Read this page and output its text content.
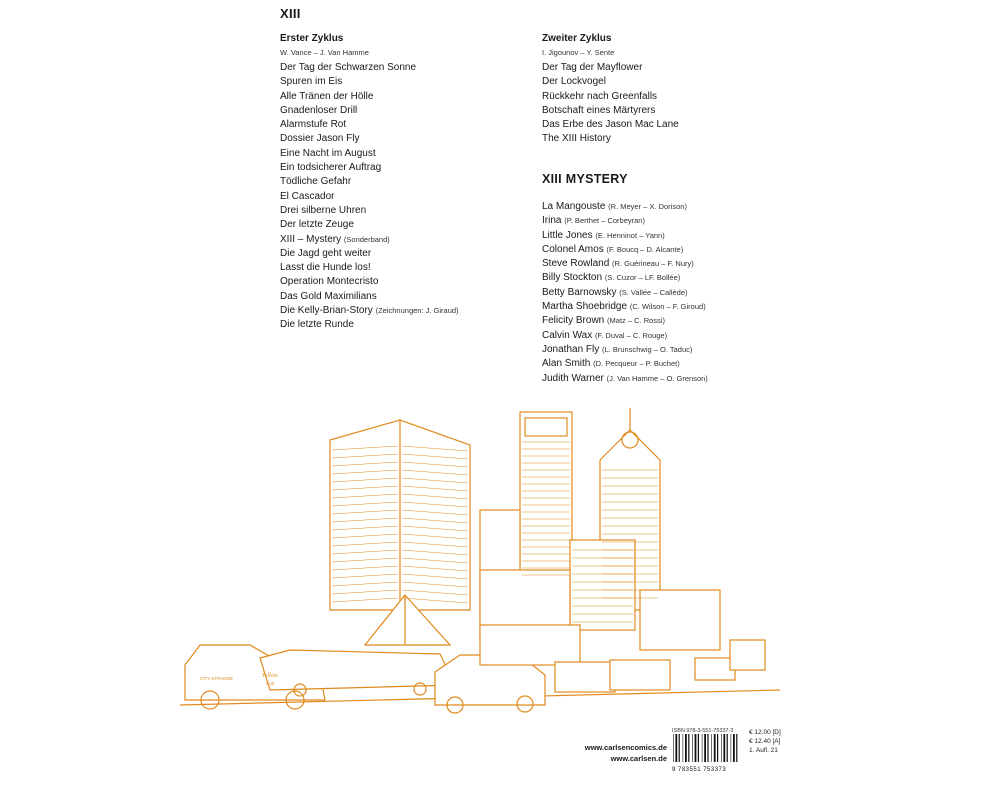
XIII
Erster Zyklus
W. Vance – J. Van Hamme
Der Tag der Schwarzen Sonne
Spuren im Eis
Alle Tränen der Hölle
Gnadenloser Drill
Alarmstufe Rot
Dossier Jason Fly
Eine Nacht im August
Ein todsicherer Auftrag
Tödliche Gefahr
El Cascador
Drei silberne Uhren
Der letzte Zeuge
XIII – Mystery (Sonderband)
Die Jagd geht weiter
Lasst die Hunde los!
Operation Montecristo
Das Gold Maximilians
Die Kelly-Brian-Story (Zeichnungen: J. Giraud)
Die letzte Runde
Zweiter Zyklus
I. Jigounov – Y. Sente
Der Tag der Mayflower
Der Lockvogel
Rückkehr nach Greenfalls
Botschaft eines Märtyrers
Das Erbe des Jason Mac Lane
The XIII History
XIII MYSTERY
La Mangouste (R. Meyer – X. Dorison)
Irina (P. Berthet – Corbeyran)
Little Jones (E. Henninot – Yann)
Colonel Amos (F. Boucq – D. Alcante)
Steve Rowland (R. Guérineau – F. Nury)
Billy Stockton (S. Cuzor – LF. Bollée)
Betty Barnowsky (S. Vallée – Callède)
Martha Shoebridge (C. Wilson – F. Giroud)
Felicity Brown (Matz – C. Rossi)
Calvin Wax (F. Duval – C. Rouge)
Jonathan Fly (L. Brunschwig – O. Taduc)
Alan Smith (D. Pecqueur – P. Buchet)
Judith Warner (J. Van Hamme – O. Grenson)
CITY STRANGE	Yellow
Cab
www.carlsencomics.de
www.carlsen.de
ISBN 978-3-551-75337-3
9 783551 753373
€ 12.00 [D]
€ 12.40 [A]
1. Aufl. 21
